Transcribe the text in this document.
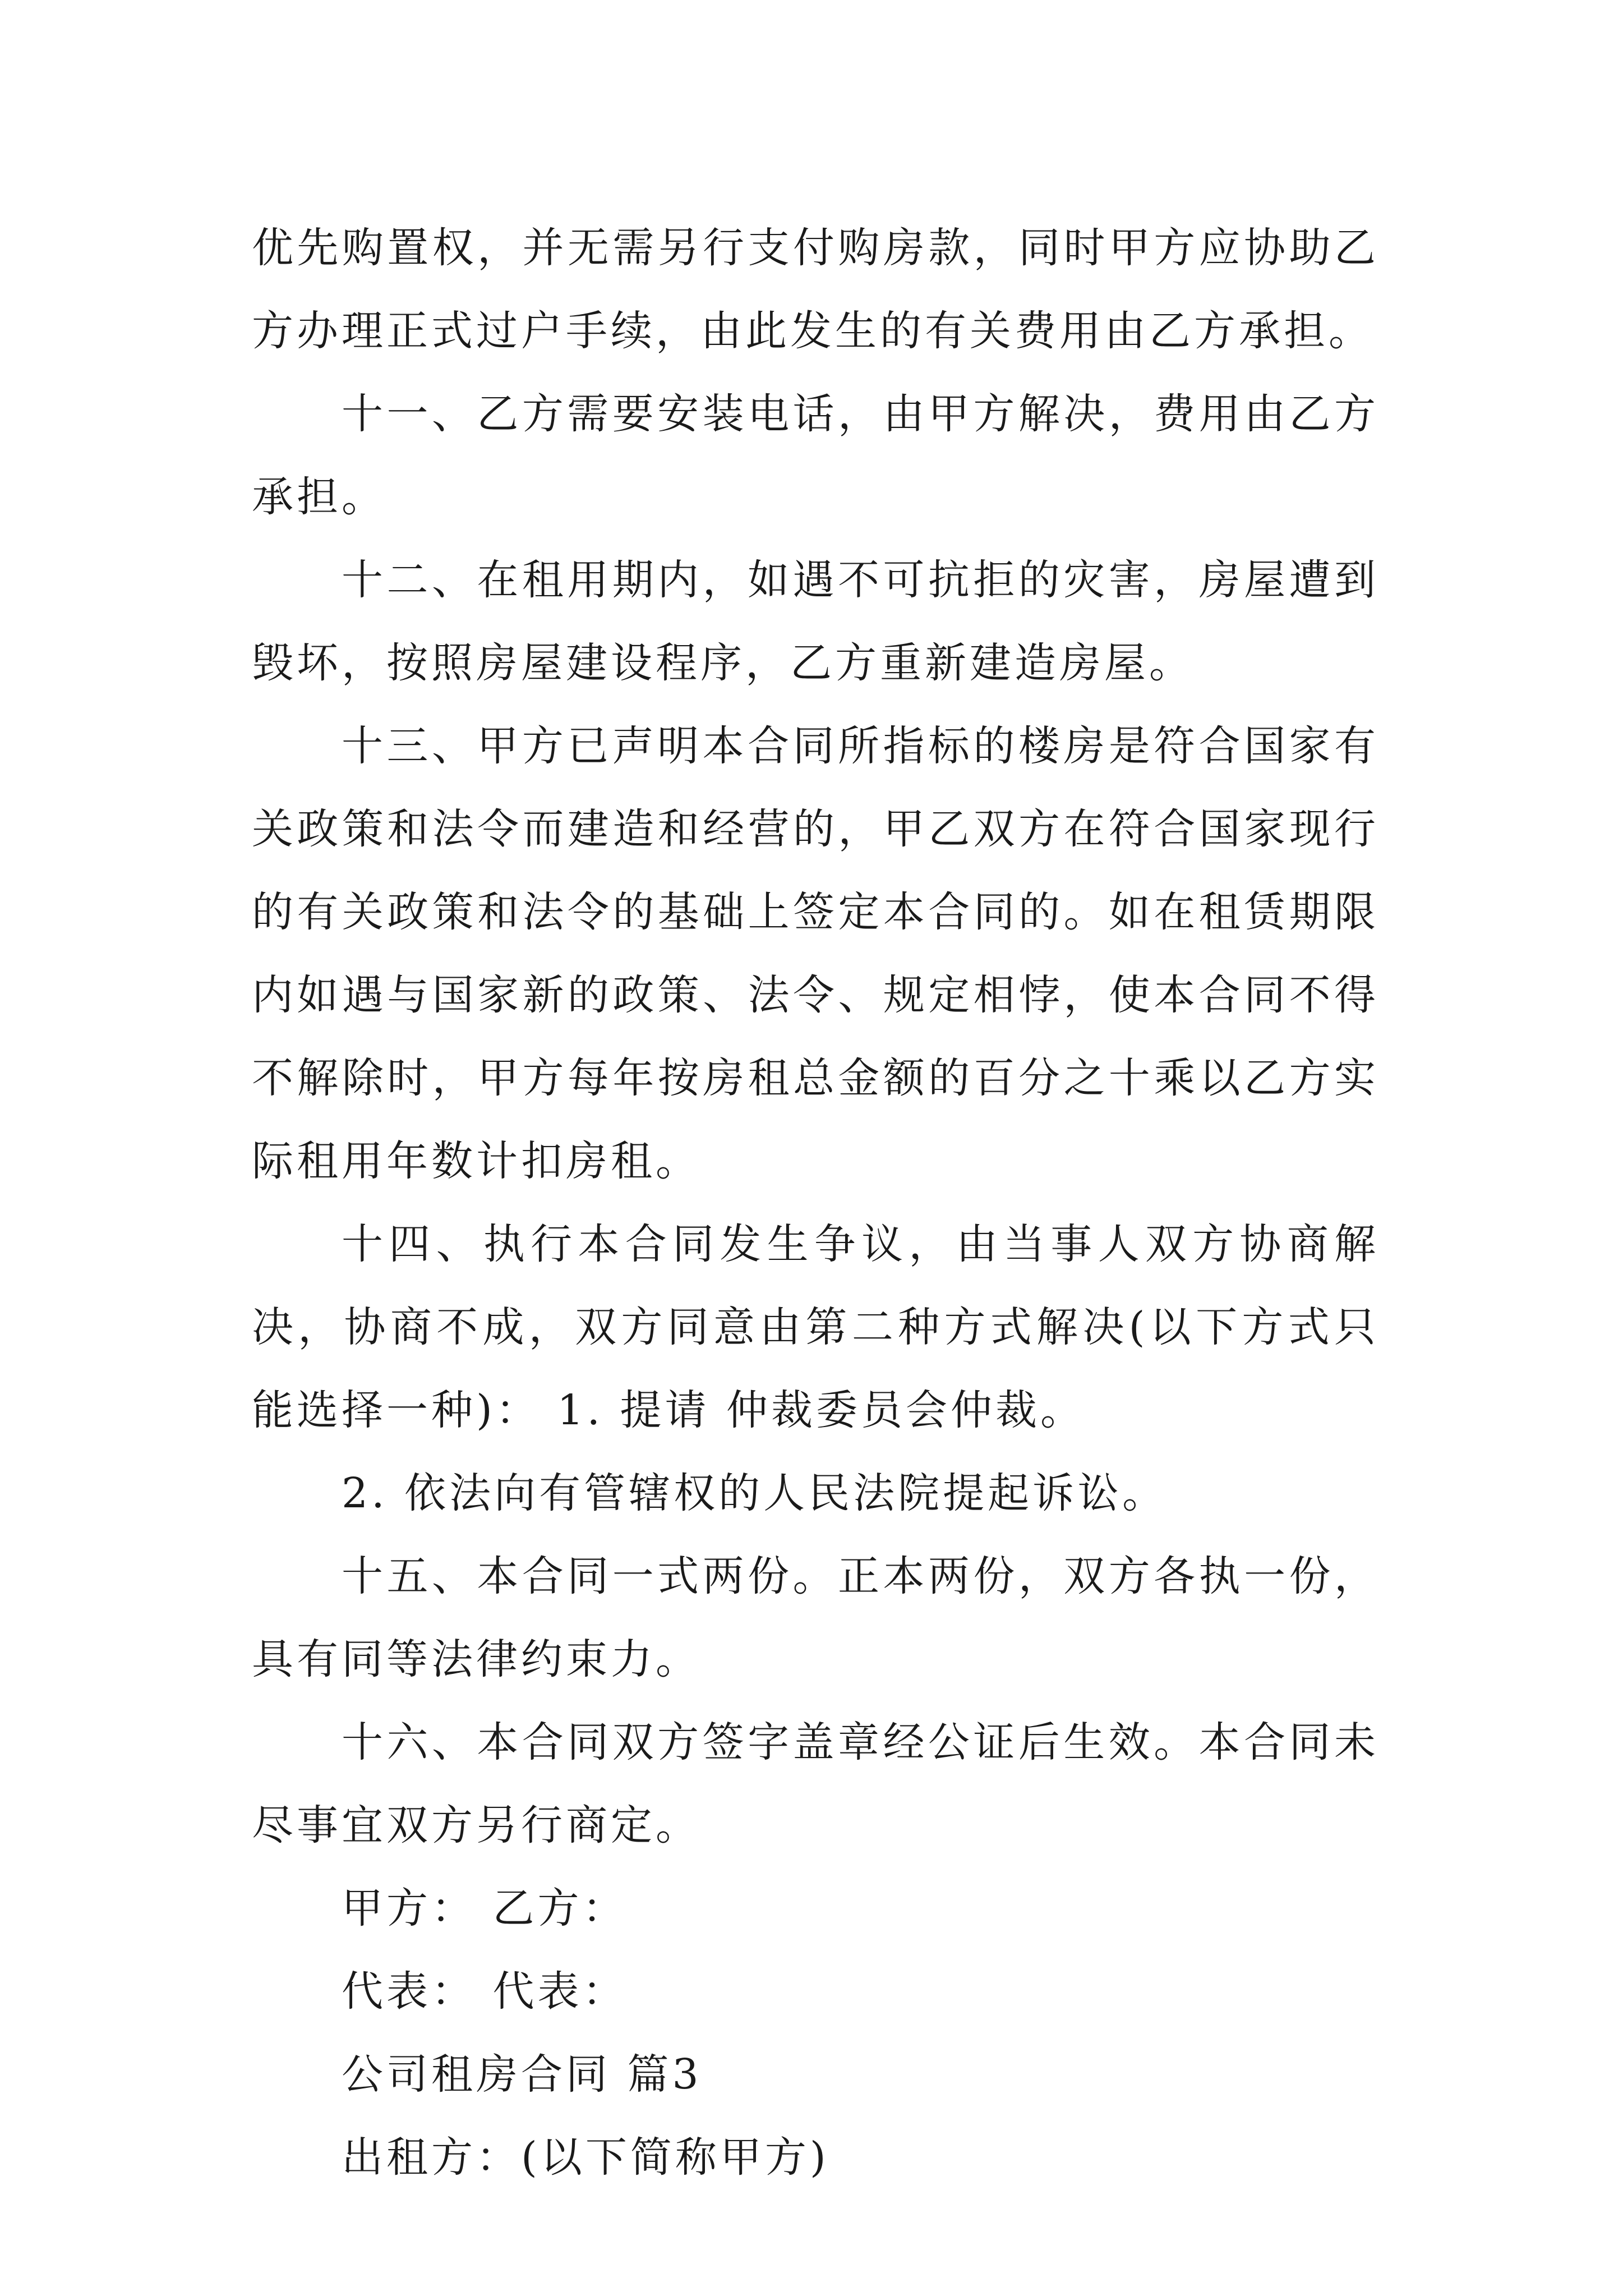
优先购置权，并无需另行支付购房款，同时甲方应协助乙方办理正式过户手续，由此发生的有关费用由乙方承担。

十一、乙方需要安装电话，由甲方解决，费用由乙方承担。

十二、在租用期内，如遇不可抗拒的灾害，房屋遭到毁坏，按照房屋建设程序，乙方重新建造房屋。

十三、甲方已声明本合同所指标的楼房是符合国家有关政策和法令而建造和经营的，甲乙双方在符合国家现行的有关政策和法令的基础上签定本合同的。如在租赁期限内如遇与国家新的政策、法令、规定相悖，使本合同不得不解除时，甲方每年按房租总金额的百分之十乘以乙方实际租用年数计扣房租。

十四、执行本合同发生争议，由当事人双方协商解决，协商不成，双方同意由第二种方式解决(以下方式只能选择一种)： 1. 提请 仲裁委员会仲裁。

2. 依法向有管辖权的人民法院提起诉讼。

十五、本合同一式两份。正本两份，双方各执一份，具有同等法律约束力。

十六、本合同双方签字盖章经公证后生效。本合同未尽事宜双方另行商定。

甲方： 乙方：

代表： 代表：

公司租房合同 篇3

出租方：(以下简称甲方)
